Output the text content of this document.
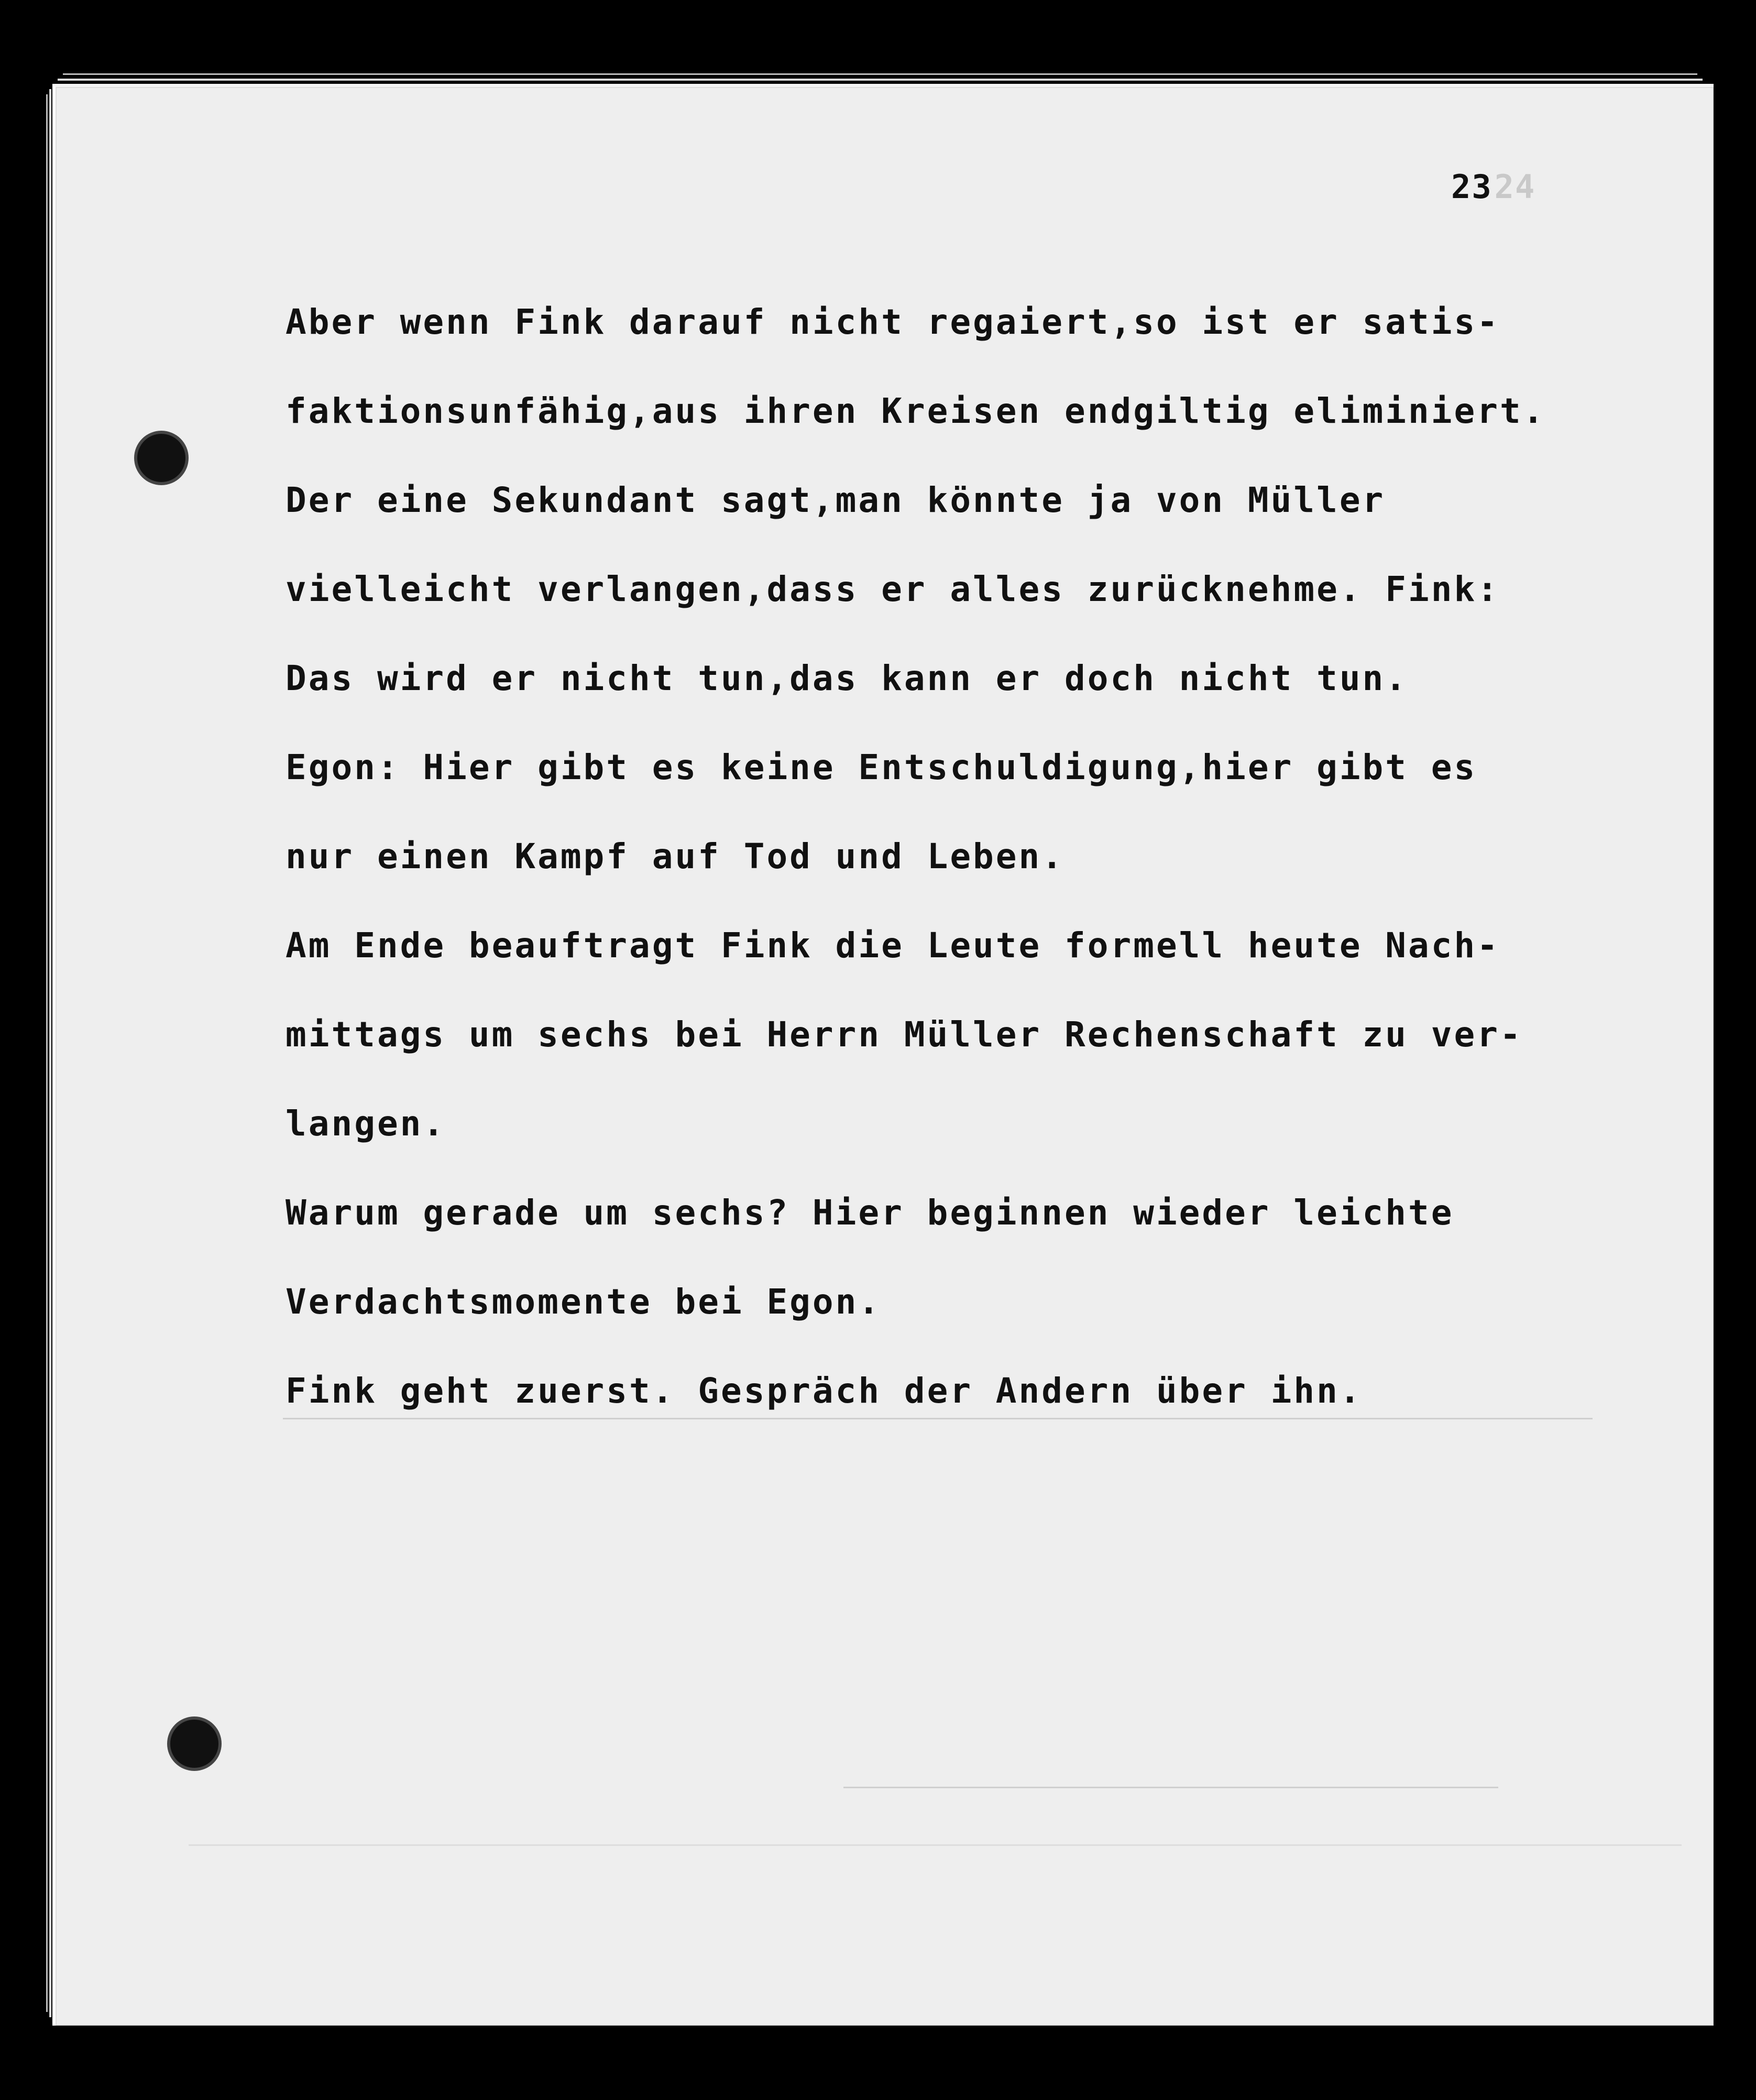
2324
Aber wenn Fink darauf nicht regaiert,so ist er satis-
faktionsunfähig,aus ihren Kreisen endgiltig eliminiert.
Der eine Sekundant sagt,man könnte ja von Müller
vielleicht verlangen,dass er alles zurücknehme. Fink:
Das wird er nicht tun,das kann er doch nicht tun.
Egon: Hier gibt es keine Entschuldigung,hier gibt es
nur einen Kampf auf Tod und Leben.
Am Ende beauftragt Fink die Leute formell heute Nach-
mittags um sechs bei Herrn Müller Rechenschaft zu ver-
langen.
Warum gerade um sechs? Hier beginnen wieder leichte
Verdachtsmomente bei Egon.
Fink geht zuerst. Gespräch der Andern über ihn.
